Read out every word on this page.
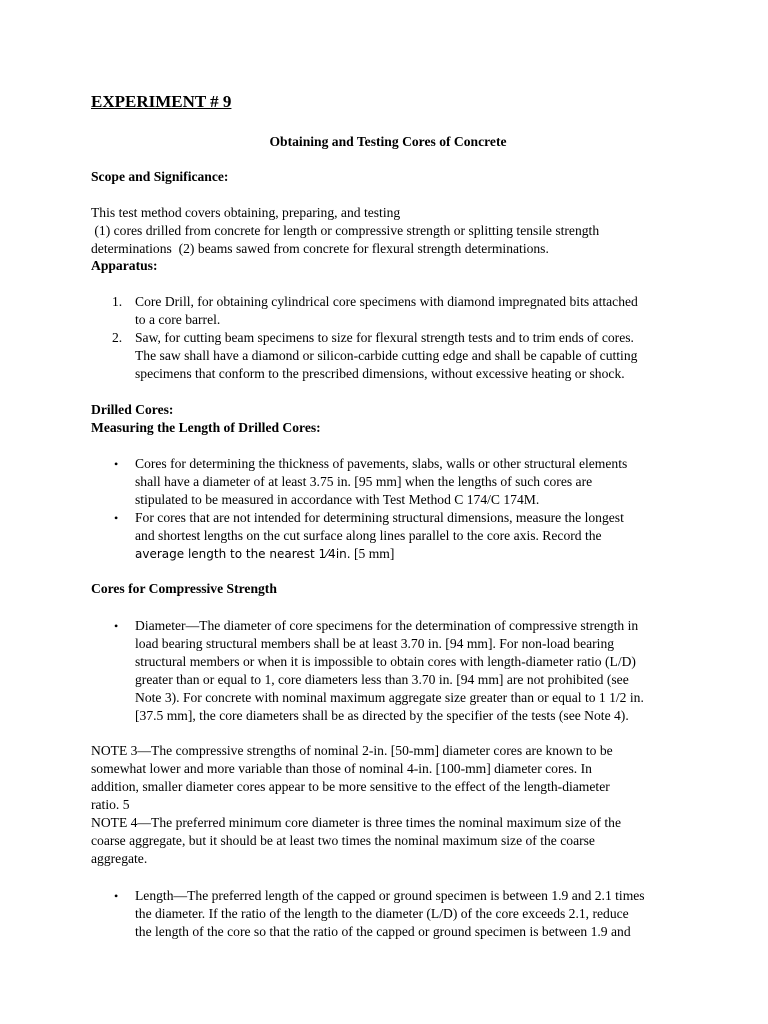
EXPERIMENT # 9
Obtaining and Testing Cores of Concrete
Scope and Significance:
This test method covers obtaining, preparing, and testing
(1) cores drilled from concrete for length or compressive strength or splitting tensile strength
determinations  (2) beams sawed from concrete for flexural strength determinations.
Apparatus:
1. Core Drill, for obtaining cylindrical core specimens with diamond impregnated bits attached
to a core barrel.
2. Saw, for cutting beam specimens to size for flexural strength tests and to trim ends of cores.
The saw shall have a diamond or silicon-carbide cutting edge and shall be capable of cutting
specimens that conform to the prescribed dimensions, without excessive heating or shock.
Drilled Cores:
Measuring the Length of Drilled Cores:
• Cores for determining the thickness of pavements, slabs, walls or other structural elements
shall have a diameter of at least 3.75 in. [95 mm] when the lengths of such cores are
stipulated to be measured in accordance with Test Method C 174/C 174M.
• For cores that are not intended for determining structural dimensions, measure the longest
and shortest lengths on the cut surface along lines parallel to the core axis. Record the
average length to the nearest 1⁄4in. [5 mm]
Cores for Compressive Strength
• Diameter—The diameter of core specimens for the determination of compressive strength in
load bearing structural members shall be at least 3.70 in. [94 mm]. For non-load bearing
structural members or when it is impossible to obtain cores with length-diameter ratio (L/D)
greater than or equal to 1, core diameters less than 3.70 in. [94 mm] are not prohibited (see
Note 3). For concrete with nominal maximum aggregate size greater than or equal to 1 1/2 in.
[37.5 mm], the core diameters shall be as directed by the specifier of the tests (see Note 4).
NOTE 3—The compressive strengths of nominal 2-in. [50-mm] diameter cores are known to be
somewhat lower and more variable than those of nominal 4-in. [100-mm] diameter cores. In
addition, smaller diameter cores appear to be more sensitive to the effect of the length-diameter
ratio. 5
NOTE 4—The preferred minimum core diameter is three times the nominal maximum size of the
coarse aggregate, but it should be at least two times the nominal maximum size of the coarse
aggregate.
• Length—The preferred length of the capped or ground specimen is between 1.9 and 2.1 times
the diameter. If the ratio of the length to the diameter (L/D) of the core exceeds 2.1, reduce
the length of the core so that the ratio of the capped or ground specimen is between 1.9 and
